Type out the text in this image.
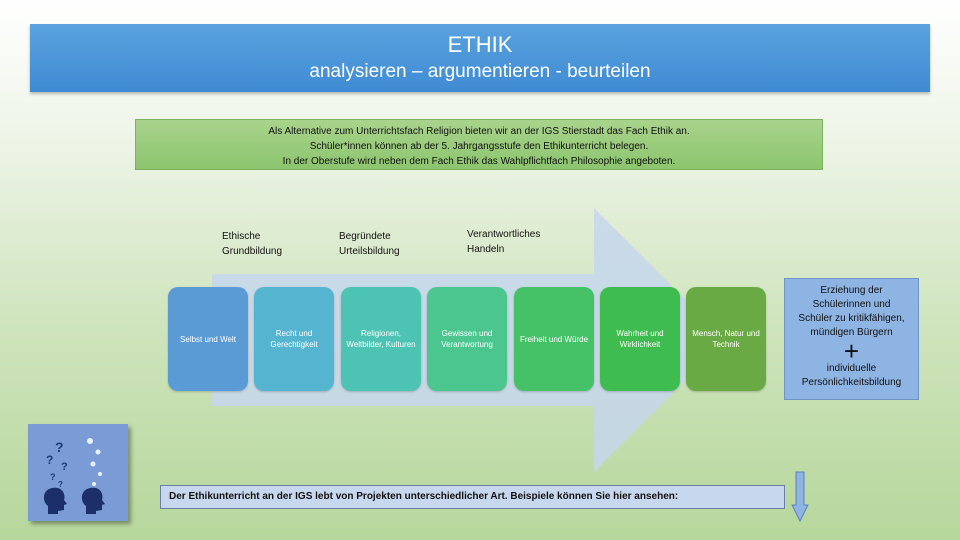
ETHIK
analysieren – argumentieren - beurteilen
Als Alternative zum Unterrichtsfach Religion bieten wir an der IGS Stierstadt das Fach Ethik an.
Schüler*innen können ab der 5. Jahrgangsstufe den Ethikunterricht belegen.
In der Oberstufe wird neben dem Fach Ethik das Wahlpflichtfach Philosophie angeboten.
Ethische
Grundbildung
Begründete
Urteilsbildung
Verantwortliches
Handeln
Selbst und Welt
Recht und Gerechtigkeit
Religionen, Weltbilder, Kulturen
Gewissen und Verantwortung
Freiheit und Würde
Wahrheit und Wirklichkeit
Mensch, Natur und Technik
Erziehung der
Schülerinnen und
Schüler zu kritikfähigen,
mündigen Bürgern
+
individuelle
Persönlichkeitsbildung
?
? ?
?
?
Der Ethikunterricht an der IGS lebt von Projekten unterschiedlicher Art. Beispiele können Sie hier ansehen:
